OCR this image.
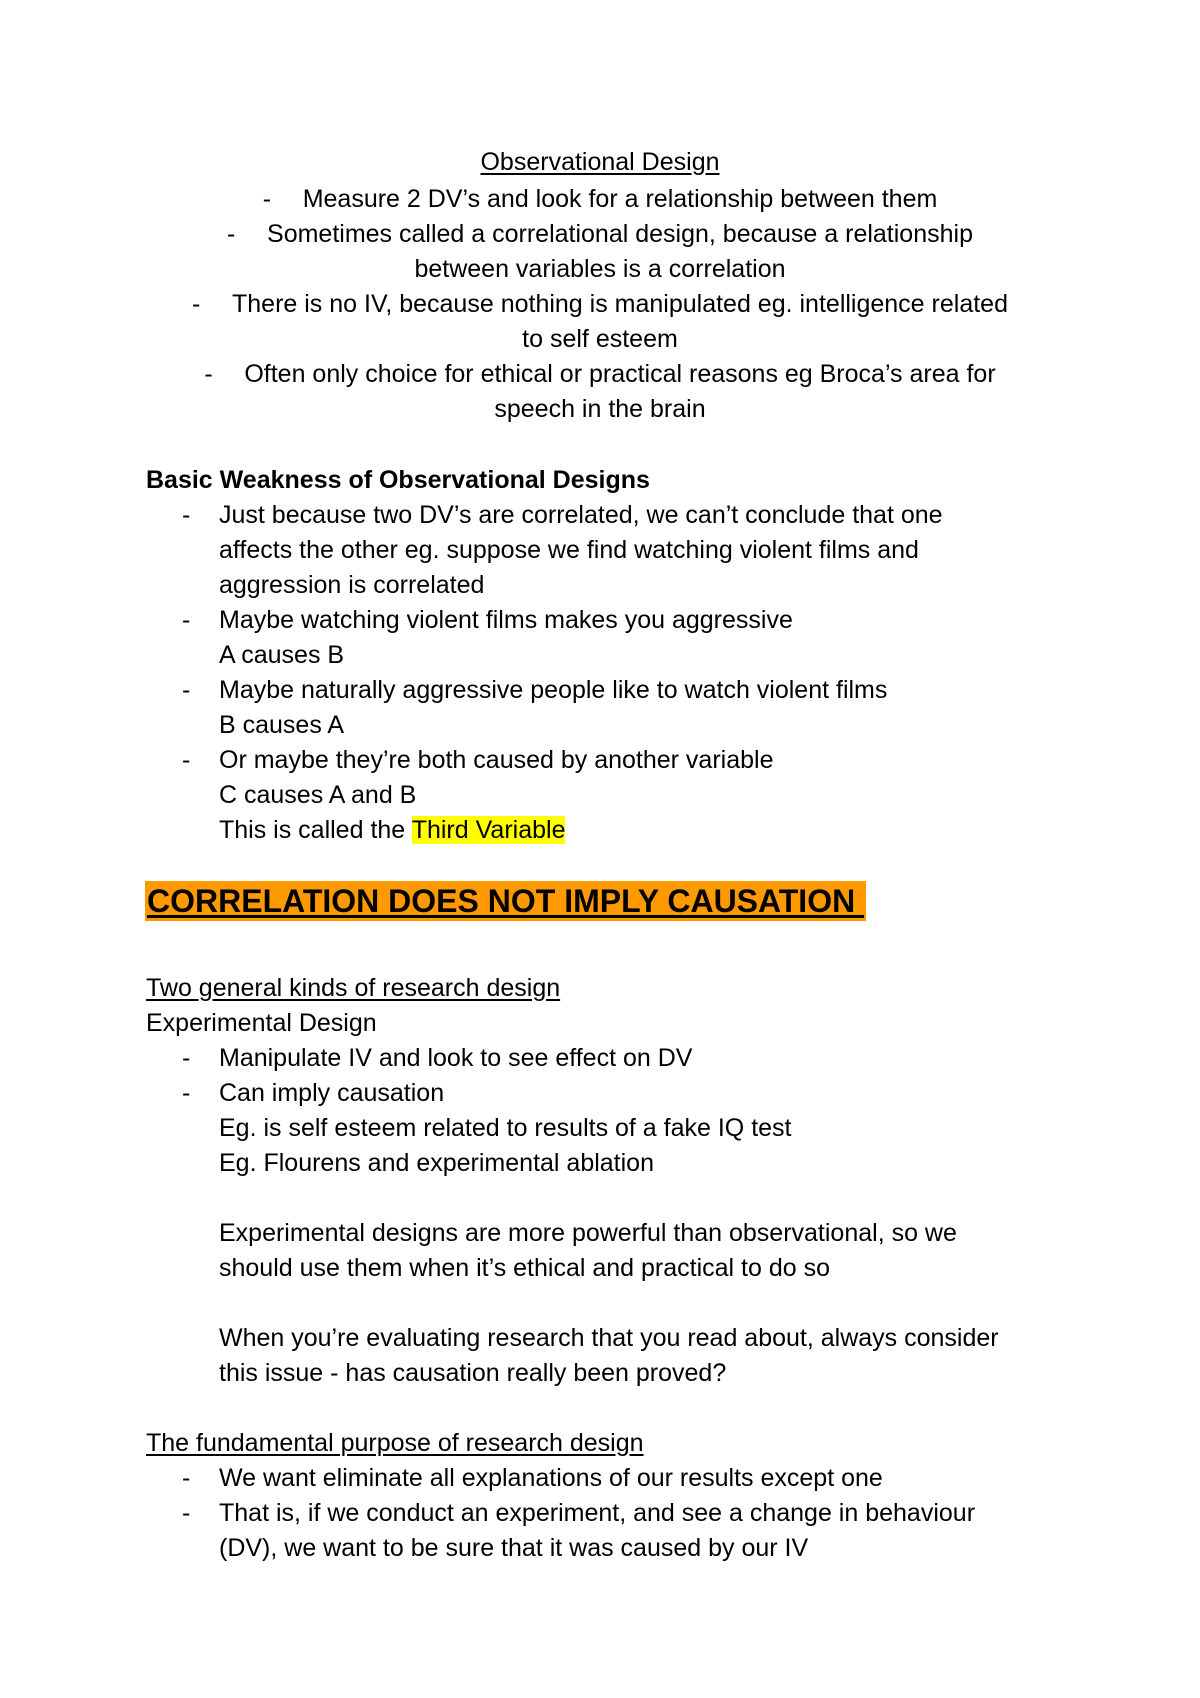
Observational Design
- Measure 2 DV’s and look for a relationship between them
- Sometimes called a correlational design, because a relationship
between variables is a correlation
- There is no IV, because nothing is manipulated eg. intelligence related
to self esteem
- Often only choice for ethical or practical reasons eg Broca’s area for
speech in the brain
Basic Weakness of Observational Designs
- Just because two DV’s are correlated, we can’t conclude that one
affects the other eg. suppose we find watching violent films and
aggression is correlated
- Maybe watching violent films makes you aggressive
A causes B
- Maybe naturally aggressive people like to watch violent films
B causes A
- Or maybe they’re both caused by another variable
C causes A and B
This is called the Third Variable
CORRELATION DOES NOT IMPLY CAUSATION
Two general kinds of research design
Experimental Design
- Manipulate IV and look to see effect on DV
- Can imply causation
Eg. is self esteem related to results of a fake IQ test
Eg. Flourens and experimental ablation
Experimental designs are more powerful than observational, so we
should use them when it’s ethical and practical to do so
When you’re evaluating research that you read about, always consider
this issue - has causation really been proved?
The fundamental purpose of research design
- We want eliminate all explanations of our results except one
- That is, if we conduct an experiment, and see a change in behaviour
(DV), we want to be sure that it was caused by our IV
